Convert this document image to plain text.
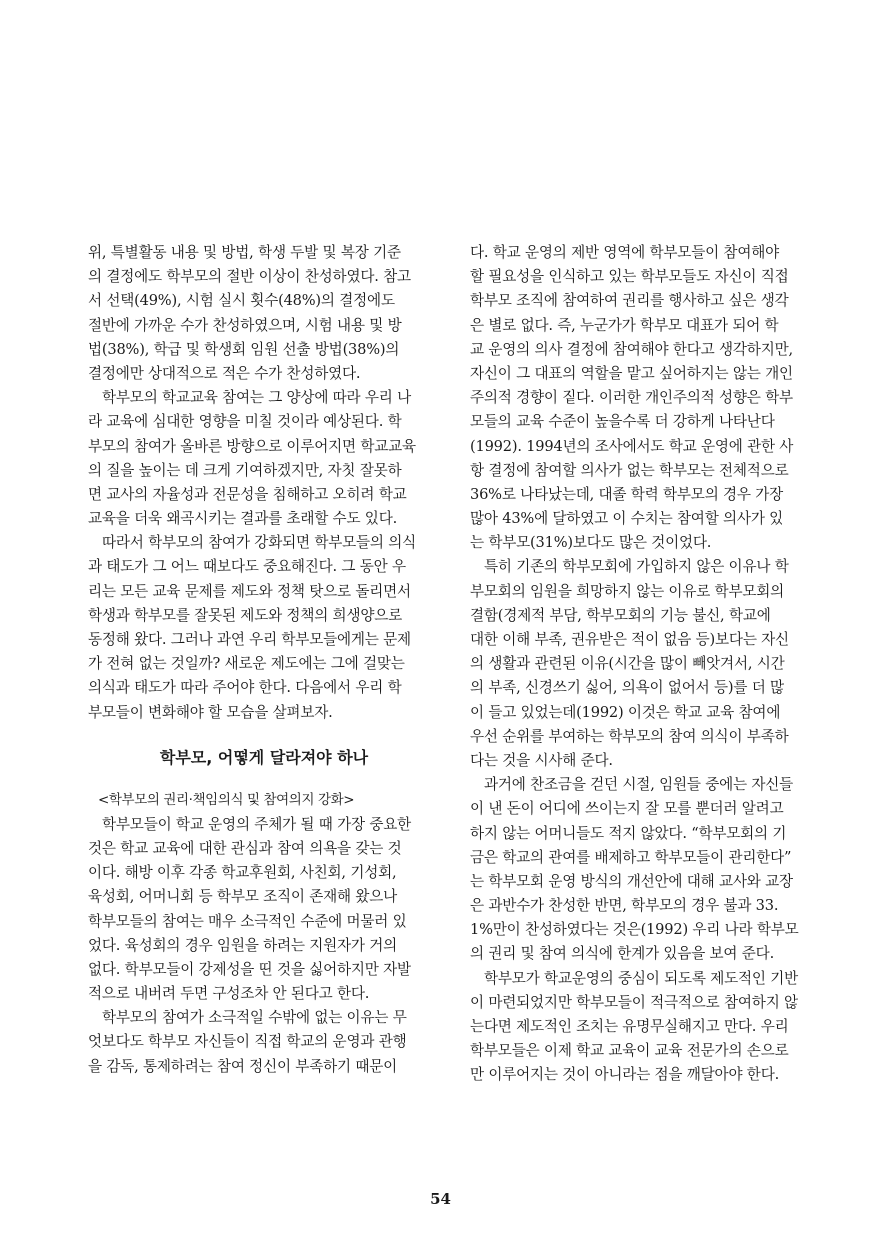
위, 특별활동 내용 및 방법, 학생 두발 및 복장 기준
의 결정에도 학부모의 절반 이상이 찬성하였다. 참고
서 선택(49%), 시험 실시 횟수(48%)의 결정에도
절반에 가까운 수가 찬성하였으며, 시험 내용 및 방
법(38%), 학급 및 학생회 임원 선출 방법(38%)의
결정에만 상대적으로 적은 수가 찬성하였다.
학부모의 학교교육 참여는 그 양상에 따라 우리 나
라 교육에 심대한 영향을 미칠 것이라 예상된다. 학
부모의 참여가 올바른 방향으로 이루어지면 학교교육
의 질을 높이는 데 크게 기여하겠지만, 자칫 잘못하
면 교사의 자율성과 전문성을 침해하고 오히려 학교
교육을 더욱 왜곡시키는 결과를 초래할 수도 있다.
따라서 학부모의 참여가 강화되면 학부모들의 의식
과 태도가 그 어느 때보다도 중요해진다. 그 동안 우
리는 모든 교육 문제를 제도와 정책 탓으로 돌리면서
학생과 학부모를 잘못된 제도와 정책의 희생양으로
동정해 왔다. 그러나 과연 우리 학부모들에게는 문제
가 전혀 없는 것일까? 새로운 제도에는 그에 걸맞는
의식과 태도가 따라 주어야 한다. 다음에서 우리 학
부모들이 변화해야 할 모습을 살펴보자.
학부모, 어떻게 달라져야 하나
<학부모의 권리·책임의식 및 참여의지 강화>
학부모들이 학교 운영의 주체가 될 때 가장 중요한
것은 학교 교육에 대한 관심과 참여 의욕을 갖는 것
이다. 해방 이후 각종 학교후원회, 사친회, 기성회,
육성회, 어머니회 등 학부모 조직이 존재해 왔으나
학부모들의 참여는 매우 소극적인 수준에 머물러 있
었다. 육성회의 경우 임원을 하려는 지원자가 거의
없다. 학부모들이 강제성을 띤 것을 싫어하지만 자발
적으로 내버려 두면 구성조차 안 된다고 한다.
학부모의 참여가 소극적일 수밖에 없는 이유는 무
엇보다도 학부모 자신들이 직접 학교의 운영과 관행
을 감독, 통제하려는 참여 정신이 부족하기 때문이
다. 학교 운영의 제반 영역에 학부모들이 참여해야
할 필요성을 인식하고 있는 학부모들도 자신이 직접
학부모 조직에 참여하여 권리를 행사하고 싶은 생각
은 별로 없다. 즉, 누군가가 학부모 대표가 되어 학
교 운영의 의사 결정에 참여해야 한다고 생각하지만,
자신이 그 대표의 역할을 맡고 싶어하지는 않는 개인
주의적 경향이 짙다. 이러한 개인주의적 성향은 학부
모들의 교육 수준이 높을수록 더 강하게 나타난다
(1992). 1994년의 조사에서도 학교 운영에 관한 사
항 결정에 참여할 의사가 없는 학부모는 전체적으로
36%로 나타났는데, 대졸 학력 학부모의 경우 가장
많아 43%에 달하였고 이 수치는 참여할 의사가 있
는 학부모(31%)보다도 많은 것이었다.
특히 기존의 학부모회에 가입하지 않은 이유나 학
부모회의 임원을 희망하지 않는 이유로 학부모회의
결함(경제적 부담, 학부모회의 기능 불신, 학교에
대한 이해 부족, 권유받은 적이 없음 등)보다는 자신
의 생활과 관련된 이유(시간을 많이 빼앗겨서, 시간
의 부족, 신경쓰기 싫어, 의욕이 없어서 등)를 더 많
이 들고 있었는데(1992) 이것은 학교 교육 참여에
우선 순위를 부여하는 학부모의 참여 의식이 부족하
다는 것을 시사해 준다.
과거에 찬조금을 걷던 시절, 임원들 중에는 자신들
이 낸 돈이 어디에 쓰이는지 잘 모를 뿐더러 알려고
하지 않는 어머니들도 적지 않았다. “학부모회의 기
금은 학교의 관여를 배제하고 학부모들이 관리한다”
는 학부모회 운영 방식의 개선안에 대해 교사와 교장
은 과반수가 찬성한 반면, 학부모의 경우 불과 33.
1%만이 찬성하였다는 것은(1992) 우리 나라 학부모
의 권리 및 참여 의식에 한계가 있음을 보여 준다.
학부모가 학교운영의 중심이 되도록 제도적인 기반
이 마련되었지만 학부모들이 적극적으로 참여하지 않
는다면 제도적인 조치는 유명무실해지고 만다. 우리
학부모들은 이제 학교 교육이 교육 전문가의 손으로
만 이루어지는 것이 아니라는 점을 깨달아야 한다.
54
